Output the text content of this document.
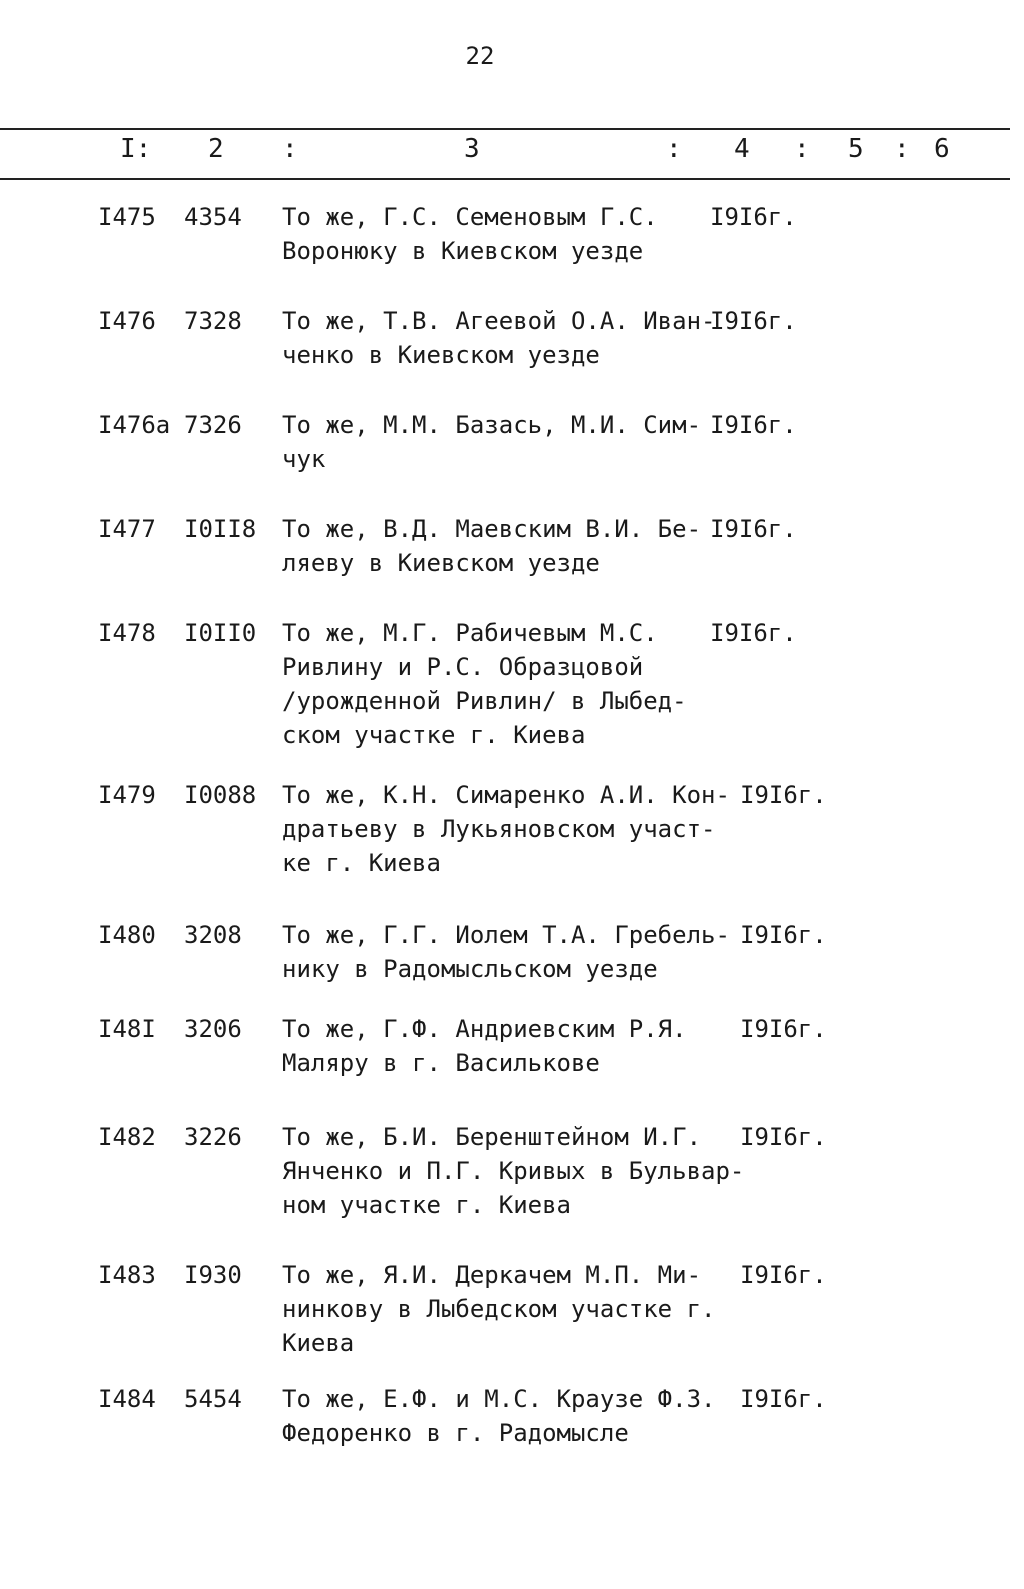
22
I: 2 :	3	: 4 : 5 : 6
I475 4354 То же, Г.С. Семеновым Г.С.
Воронюку в Киевском уезде
I9I6г.
I476 7328 То же, Т.В. Агеевой О.А. Иван-
ченко в Киевском уезде
I9I6г.
I476а 7326 То же, М.М. Базась, М.И. Сим-
чук
I9I6г.
I477 I0II8 То же, В.Д. Маевским В.И. Бе-
ляеву в Киевском уезде
I9I6г.
I478 I0II0 То же, М.Г. Рабичевым М.С.
Ривлину и Р.С. Образцовой
/урожденной Ривлин/ в Лыбед-
ском участке г. Киева
I9I6г.
I479 I0088 То же, К.Н. Симаренко А.И. Кон-
дратьеву в Лукьяновском участ-
ке г. Киева
I9I6г.
I480 3208 То же, Г.Г. Иолем Т.А. Гребель-
нику в Радомысльском уезде
I9I6г.
I48I 3206 То же, Г.Ф. Андриевским Р.Я.
Маляру в г. Василькове
I9I6г.
I482 3226 То же, Б.И. Беренштейном И.Г.
Янченко и П.Г. Кривых в Бульвар-
ном участке г. Киева
I9I6г.
I483 I930 То же, Я.И. Деркачем М.П. Ми-
нинкову в Лыбедском участке г.
Киева
I9I6г.
I484 5454 То же, Е.Ф. и М.С. Краузе Ф.З.
Федоренко в г. Радомысле
I9I6г.
